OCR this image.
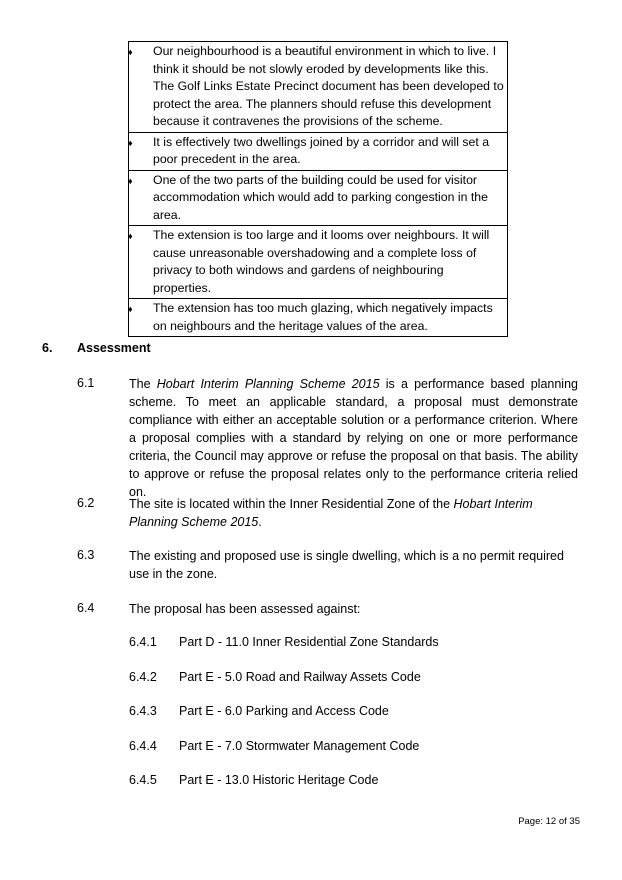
♦ Our neighbourhood is a beautiful environment in which to live. I think it should be not slowly eroded by developments like this. The Golf Links Estate Precinct document has been developed to protect the area. The planners should refuse this development because it contravenes the provisions of the scheme.
♦ It is effectively two dwellings joined by a corridor and will set a poor precedent in the area.
♦ One of the two parts of the building could be used for visitor accommodation which would add to parking congestion in the area.
♦ The extension is too large and it looms over neighbours. It will cause unreasonable overshadowing and a complete loss of privacy to both windows and gardens of neighbouring properties.
♦ The extension has too much glazing, which negatively impacts on neighbours and the heritage values of the area.
6. Assessment
6.1	The Hobart Interim Planning Scheme 2015 is a performance based planning scheme. To meet an applicable standard, a proposal must demonstrate compliance with either an acceptable solution or a performance criterion. Where a proposal complies with a standard by relying on one or more performance criteria, the Council may approve or refuse the proposal on that basis. The ability to approve or refuse the proposal relates only to the performance criteria relied on.
6.2	The site is located within the Inner Residential Zone of the Hobart Interim Planning Scheme 2015.
6.3	The existing and proposed use is single dwelling, which is a no permit required use in the zone.
6.4	The proposal has been assessed against:
6.4.1 Part D - 11.0 Inner Residential Zone Standards
6.4.2 Part E - 5.0 Road and Railway Assets Code
6.4.3 Part E - 6.0 Parking and Access Code
6.4.4 Part E - 7.0 Stormwater Management Code
6.4.5 Part E - 13.0 Historic Heritage Code
Page: 12 of 35
